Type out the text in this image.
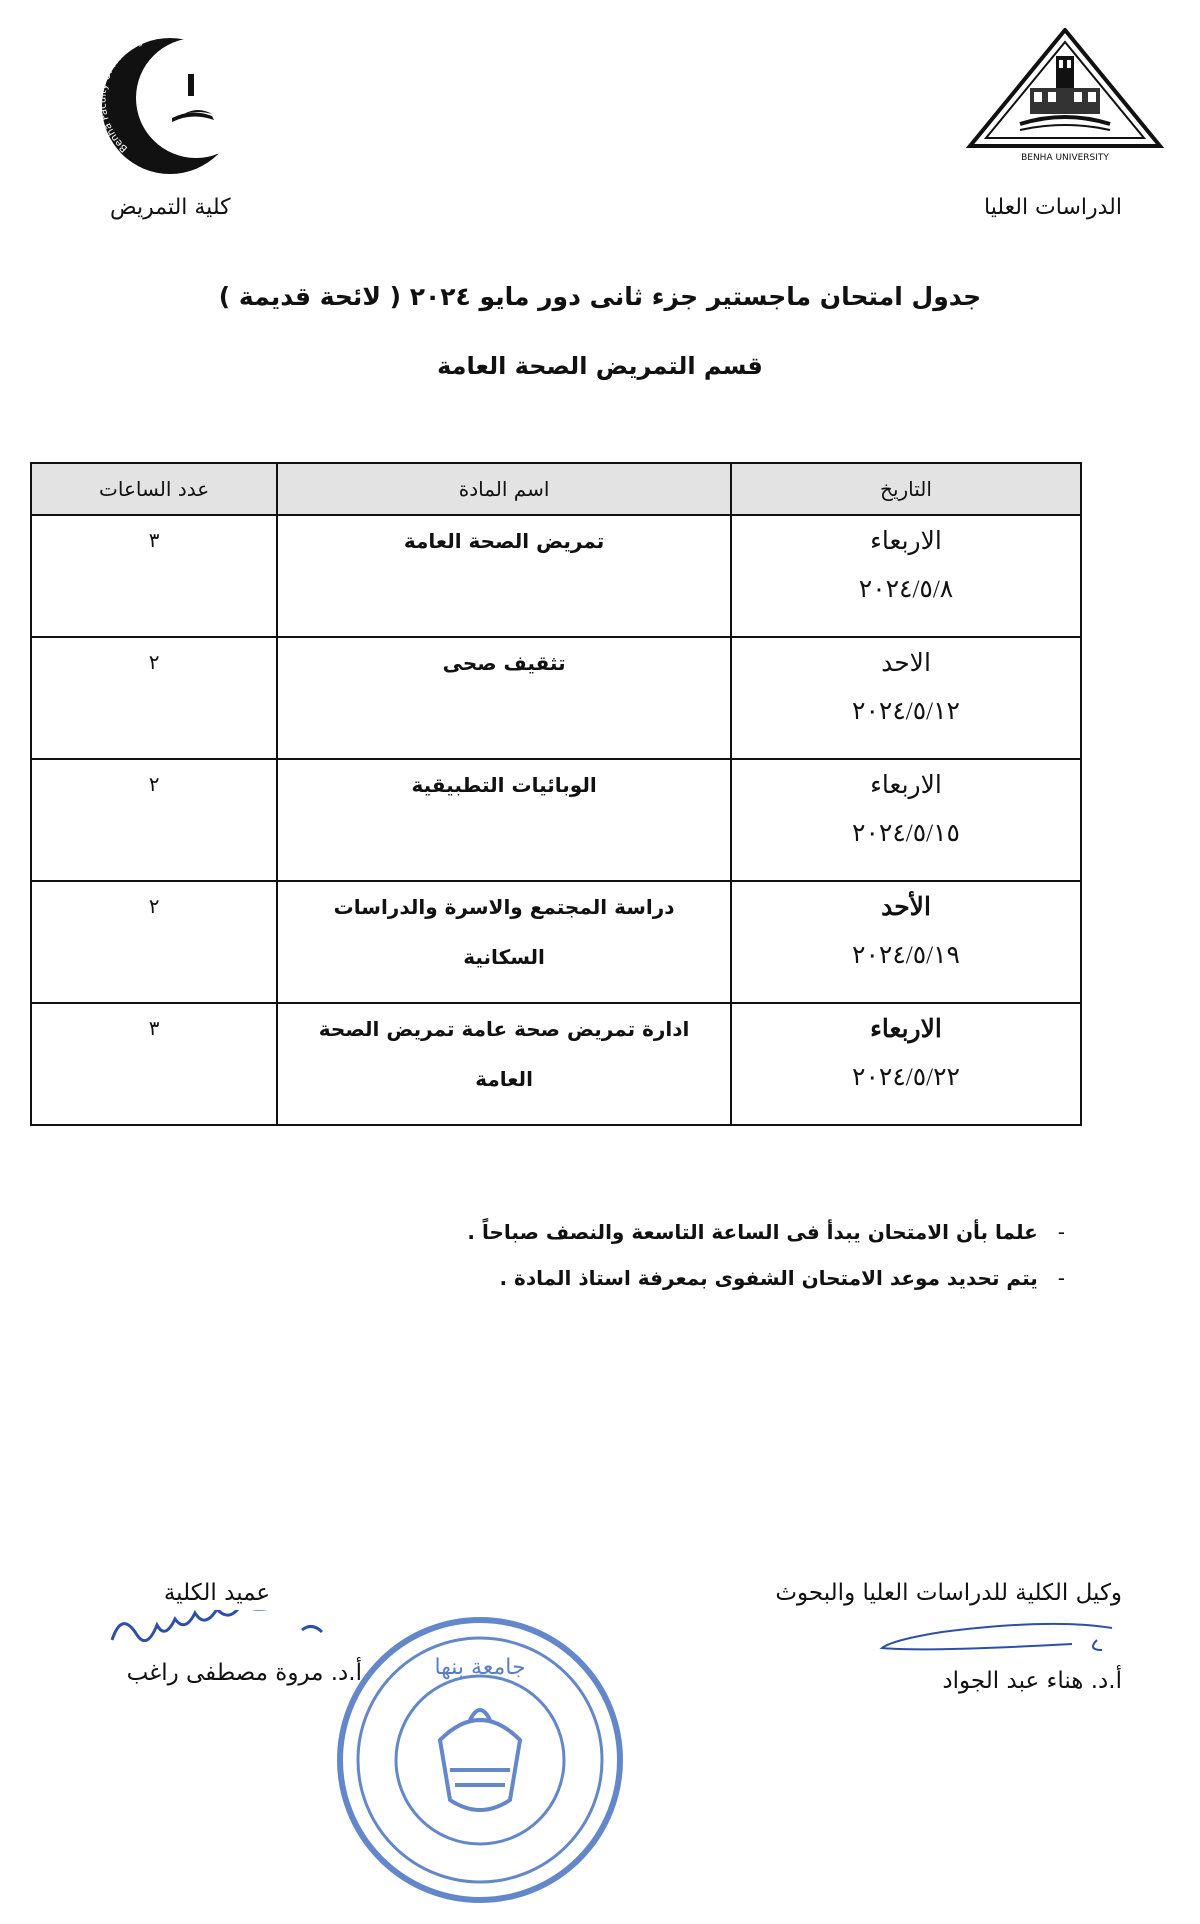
Benha Faculty Of Nursing
BENHA UNIVERSITY
كلية التمريض	الدراسات العليا
جدول امتحان ماجستير جزء ثانى دور مايو ٢٠٢٤ ( لائحة قديمة )
قسم التمريض الصحة العامة
التاريخ	اسم المادة	عدد الساعات

الاربعاء
٢٠٢٤/٥/٨	تمريض الصحة العامة	٣

الاحد
٢٠٢٤/٥/١٢	تثقيف صحى	٢

الاربعاء
٢٠٢٤/٥/١٥	الوبائيات التطبيقية	٢

الأحد
٢٠٢٤/٥/١٩	دراسة المجتمع والاسرة والدراسات السكانية	٢

الاربعاء
٢٠٢٤/٥/٢٢	ادارة تمريض صحة عامة تمريض الصحة العامة	٣
-علما بأن الامتحان يبدأ فى الساعة التاسعة والنصف صباحاً .
-يتم تحديد موعد الامتحان الشفوى بمعرفة استاذ المادة .
جامعة بنها
وكيل الكلية للدراسات العليا والبحوث
أ.د. هناء عبد الجواد
عميد الكلية
أ.د. مروة مصطفى راغب
